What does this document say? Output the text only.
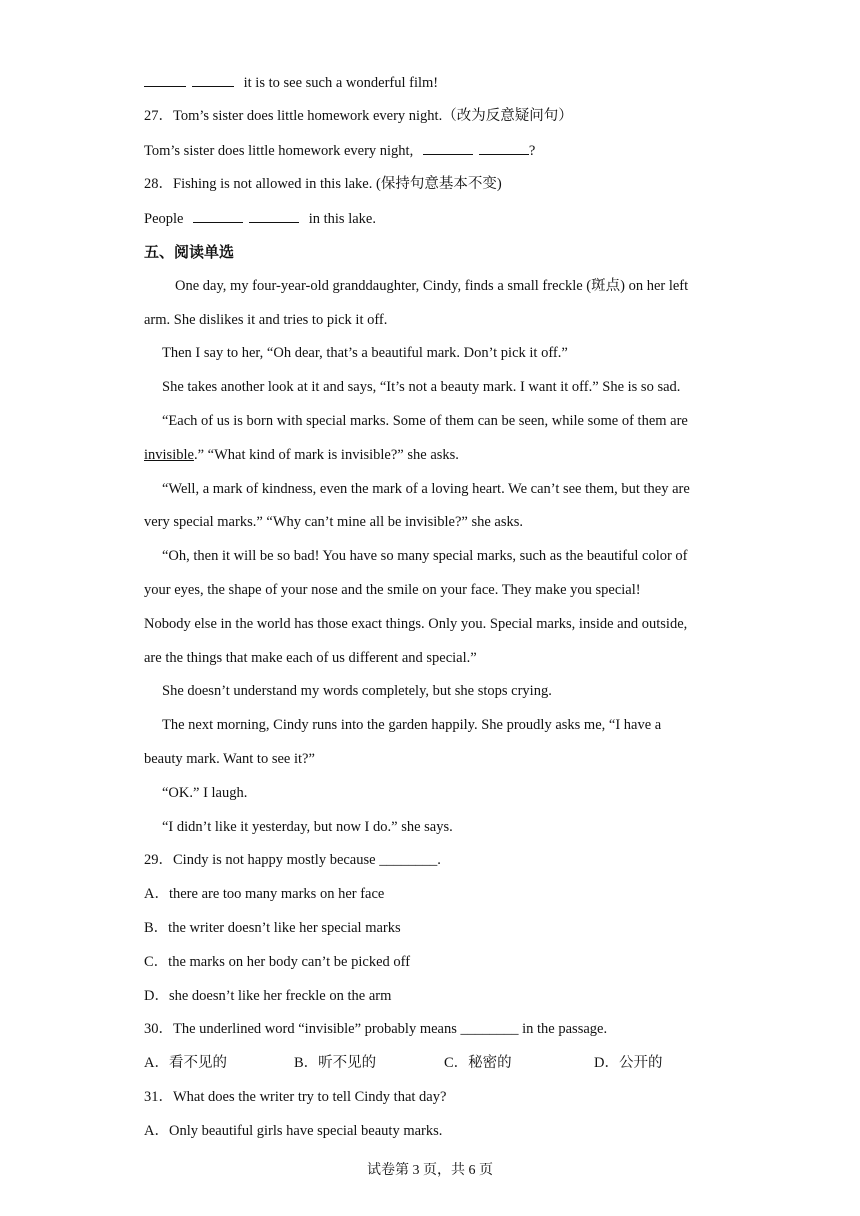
it is to see such a wonderful film!
27．Tom’s sister does little homework every night.（改为反意疑问句）
Tom’s sister does little homework every night,	?
28．Fishing is not allowed in this lake. (保持句意基本不变)
People	in this lake.
五、阅读单选
One day, my four-year-old granddaughter, Cindy, finds a small freckle (斑点) on her left
arm. She dislikes it and tries to pick it off.
Then I say to her, “Oh dear, that’s a beautiful mark. Don’t pick it off.”
She takes another look at it and says, “It’s not a beauty mark. I want it off.” She is so sad.
“Each of us is born with special marks. Some of them can be seen, while some of them are
invisible.” “What kind of mark is invisible?” she asks.
“Well, a mark of kindness, even the mark of a loving heart. We can’t see them, but they are
very special marks.” “Why can’t mine all be invisible?” she asks.
“Oh, then it will be so bad! You have so many special marks, such as the beautiful color of
your eyes, the shape of your nose and the smile on your face. They make you special!
Nobody else in the world has those exact things. Only you. Special marks, inside and outside,
are the things that make each of us different and special.”
She doesn’t understand my words completely, but she stops crying.
The next morning, Cindy runs into the garden happily. She proudly asks me, “I have a
beauty mark. Want to see it?”
“OK.” I laugh.
“I didn’t like it yesterday, but now I do.” she says.
29．Cindy is not happy mostly because ________.
A．there are too many marks on her face
B．the writer doesn’t like her special marks
C．the marks on her body can’t be picked off
D．she doesn’t like her freckle on the arm
30．The underlined word “invisible” probably means ________ in the passage.
A．看不见的	B．听不见的	C．秘密的	D．公开的
31．What does the writer try to tell Cindy that day?
A．Only beautiful girls have special beauty marks.
试卷第 3 页，共 6 页
